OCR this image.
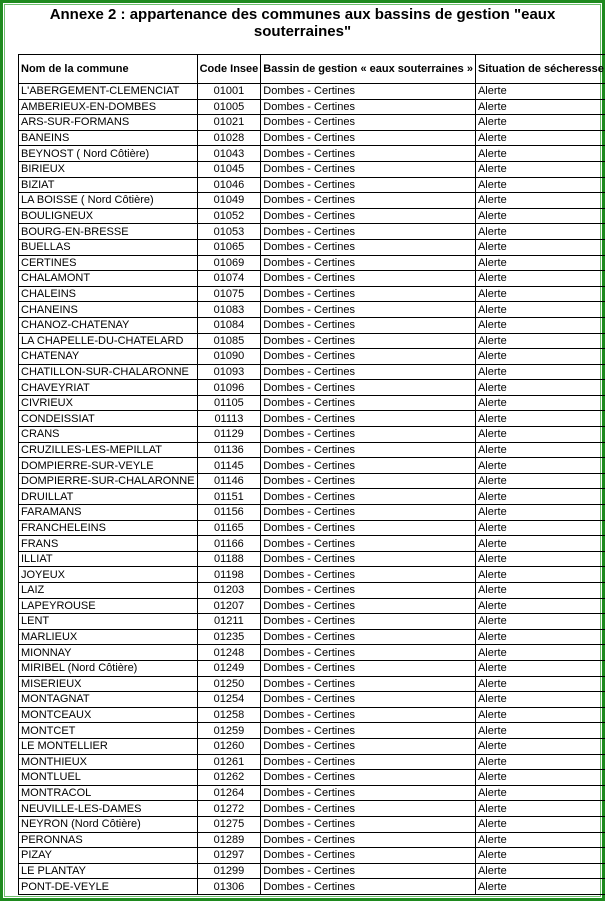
Annexe 2 : appartenance des communes aux bassins de gestion "eaux souterraines"
Nom de la commune	Code Insee	Bassin de gestion « eaux souterraines »	Situation de sécheresse
L'ABERGEMENT-CLEMENCIAT	01001	Dombes - Certines	Alerte
AMBERIEUX-EN-DOMBES	01005	Dombes - Certines	Alerte
ARS-SUR-FORMANS	01021	Dombes - Certines	Alerte
BANEINS	01028	Dombes - Certines	Alerte
BEYNOST ( Nord Côtière)	01043	Dombes - Certines	Alerte
BIRIEUX	01045	Dombes - Certines	Alerte
BIZIAT	01046	Dombes - Certines	Alerte
LA BOISSE ( Nord Côtière)	01049	Dombes - Certines	Alerte
BOULIGNEUX	01052	Dombes - Certines	Alerte
BOURG-EN-BRESSE	01053	Dombes - Certines	Alerte
BUELLAS	01065	Dombes - Certines	Alerte
CERTINES	01069	Dombes - Certines	Alerte
CHALAMONT	01074	Dombes - Certines	Alerte
CHALEINS	01075	Dombes - Certines	Alerte
CHANEINS	01083	Dombes - Certines	Alerte
CHANOZ-CHATENAY	01084	Dombes - Certines	Alerte
LA CHAPELLE-DU-CHATELARD	01085	Dombes - Certines	Alerte
CHATENAY	01090	Dombes - Certines	Alerte
CHATILLON-SUR-CHALARONNE	01093	Dombes - Certines	Alerte
CHAVEYRIAT	01096	Dombes - Certines	Alerte
CIVRIEUX	01105	Dombes - Certines	Alerte
CONDEISSIAT	01113	Dombes - Certines	Alerte
CRANS	01129	Dombes - Certines	Alerte
CRUZILLES-LES-MEPILLAT	01136	Dombes - Certines	Alerte
DOMPIERRE-SUR-VEYLE	01145	Dombes - Certines	Alerte
DOMPIERRE-SUR-CHALARONNE	01146	Dombes - Certines	Alerte
DRUILLAT	01151	Dombes - Certines	Alerte
FARAMANS	01156	Dombes - Certines	Alerte
FRANCHELEINS	01165	Dombes - Certines	Alerte
FRANS	01166	Dombes - Certines	Alerte
ILLIAT	01188	Dombes - Certines	Alerte
JOYEUX	01198	Dombes - Certines	Alerte
LAIZ	01203	Dombes - Certines	Alerte
LAPEYROUSE	01207	Dombes - Certines	Alerte
LENT	01211	Dombes - Certines	Alerte
MARLIEUX	01235	Dombes - Certines	Alerte
MIONNAY	01248	Dombes - Certines	Alerte
MIRIBEL (Nord Côtière)	01249	Dombes - Certines	Alerte
MISERIEUX	01250	Dombes - Certines	Alerte
MONTAGNAT	01254	Dombes - Certines	Alerte
MONTCEAUX	01258	Dombes - Certines	Alerte
MONTCET	01259	Dombes - Certines	Alerte
LE MONTELLIER	01260	Dombes - Certines	Alerte
MONTHIEUX	01261	Dombes - Certines	Alerte
MONTLUEL	01262	Dombes - Certines	Alerte
MONTRACOL	01264	Dombes - Certines	Alerte
NEUVILLE-LES-DAMES	01272	Dombes - Certines	Alerte
NEYRON (Nord Côtière)	01275	Dombes - Certines	Alerte
PERONNAS	01289	Dombes - Certines	Alerte
PIZAY	01297	Dombes - Certines	Alerte
LE PLANTAY	01299	Dombes - Certines	Alerte
PONT-DE-VEYLE	01306	Dombes - Certines	Alerte
